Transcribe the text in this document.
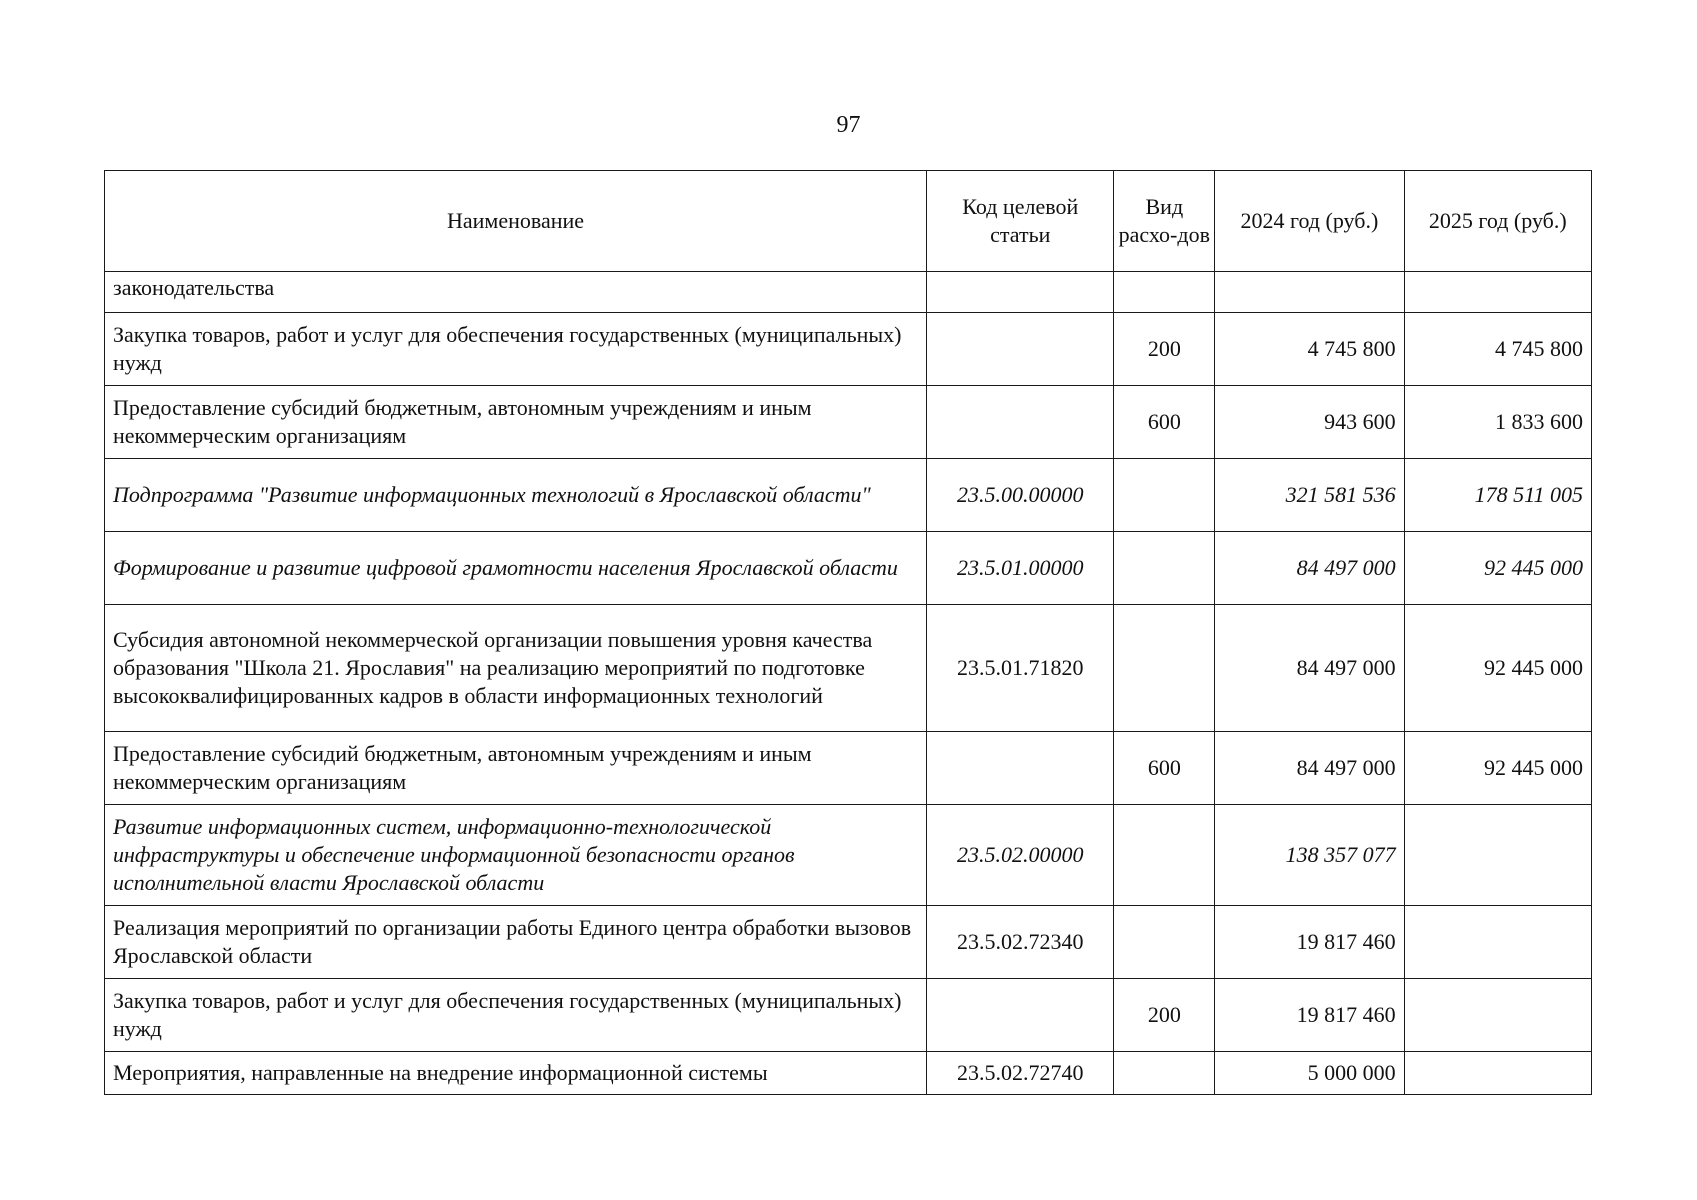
97
Наименование	Код целевой статьи	Вид расхо-дов	2024 год (руб.)	2025 год (руб.)
законодательства				
Закупка товаров, работ и услуг для обеспечения государственных (муниципальных) нужд		200	4 745 800	4 745 800
Предоставление субсидий бюджетным, автономным учреждениям и иным некоммерческим организациям		600	943 600	1 833 600
Подпрограмма "Развитие информационных технологий в Ярославской области"	23.5.00.00000		321 581 536	178 511 005
Формирование и развитие цифровой грамотности населения Ярославской области	23.5.01.00000		84 497 000	92 445 000
Субсидия автономной некоммерческой организации повышения уровня качества образования "Школа 21. Ярославия" на реализацию мероприятий по подготовке высококвалифицированных кадров в области информационных технологий	23.5.01.71820		84 497 000	92 445 000
Предоставление субсидий бюджетным, автономным учреждениям и иным некоммерческим организациям		600	84 497 000	92 445 000
Развитие информационных систем, информационно-технологической инфраструктуры и обеспечение информационной безопасности органов исполнительной власти Ярославской области	23.5.02.00000		138 357 077	
Реализация мероприятий по организации работы Единого центра обработки вызовов Ярославской области	23.5.02.72340		19 817 460	
Закупка товаров, работ и услуг для обеспечения государственных (муниципальных) нужд		200	19 817 460	
Мероприятия, направленные на внедрение информационной системы	23.5.02.72740		5 000 000	
